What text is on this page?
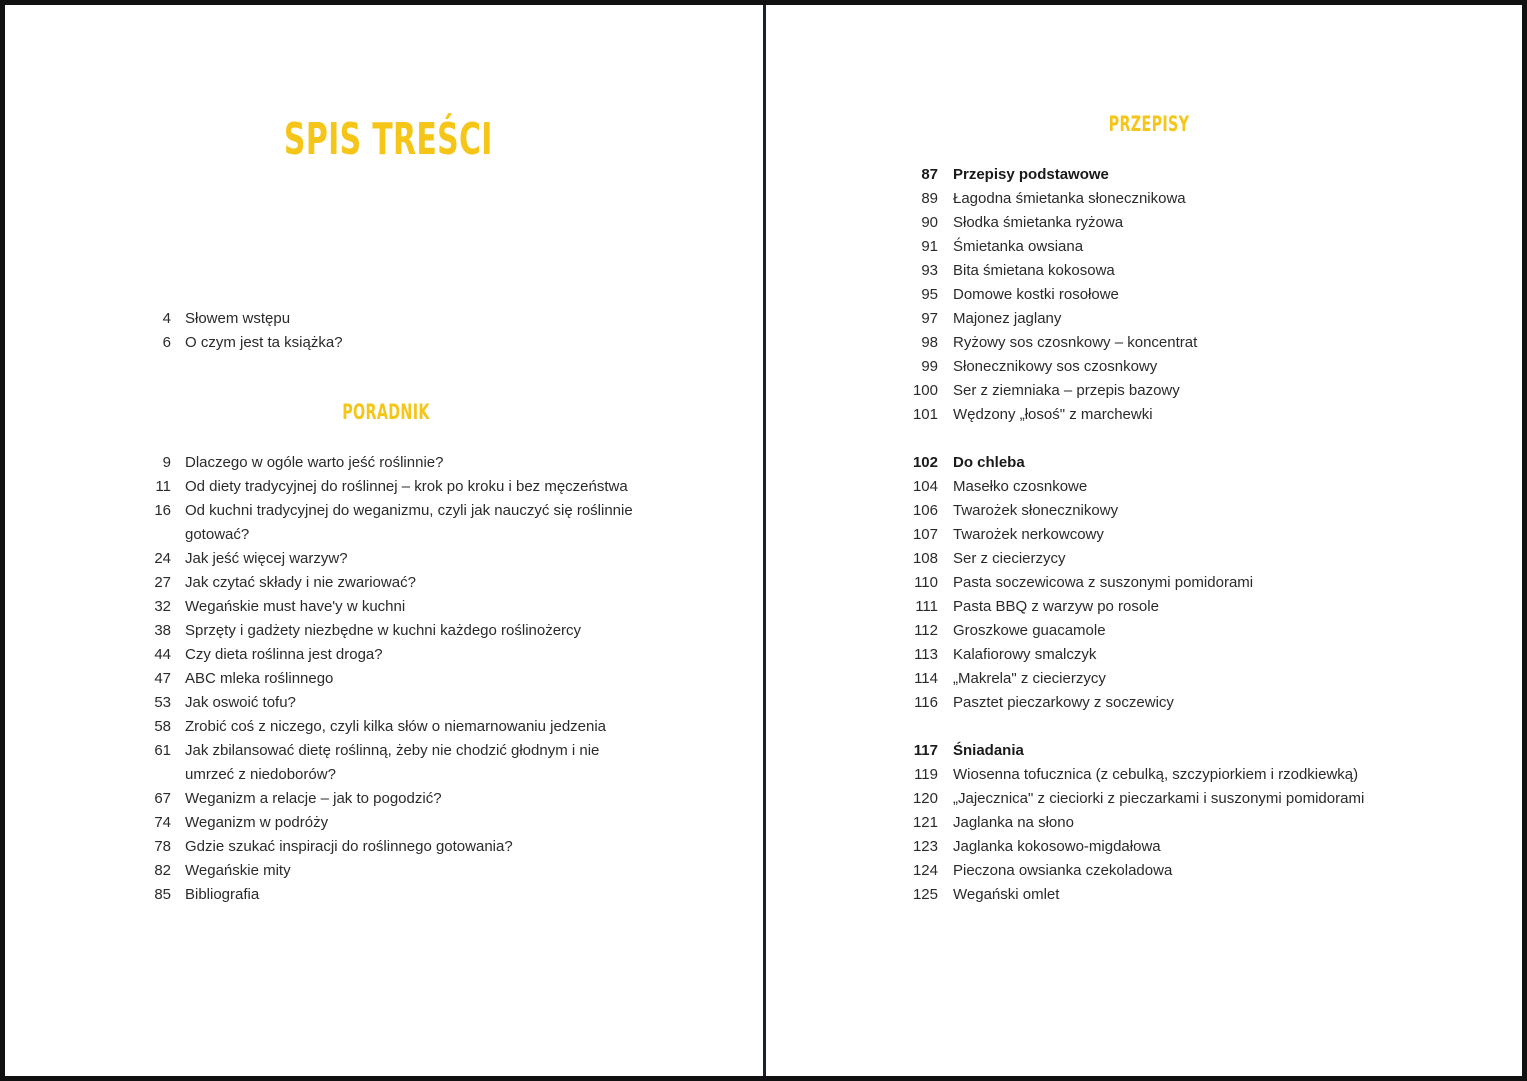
SPIS TREŚCI
4 Słowem wstępu
6 O czym jest ta książka?
PORADNIK
9 Dlaczego w ogóle warto jeść roślinnie?
11 Od diety tradycyjnej do roślinnej – krok po kroku i bez męczeństwa
16 Od kuchni tradycyjnej do weganizmu, czyli jak nauczyć się roślinnie gotować?
24 Jak jeść więcej warzyw?
27 Jak czytać składy i nie zwariować?
32 Wegańskie must have'y w kuchni
38 Sprzęty i gadżety niezbędne w kuchni każdego roślinożercy
44 Czy dieta roślinna jest droga?
47 ABC mleka roślinnego
53 Jak oswoić tofu?
58 Zrobić coś z niczego, czyli kilka słów o niemarnowaniu jedzenia
61 Jak zbilansować dietę roślinną, żeby nie chodzić głodnym i nie umrzeć z niedoborów?
67 Weganizm a relacje – jak to pogodzić?
74 Weganizm w podróży
78 Gdzie szukać inspiracji do roślinnego gotowania?
82 Wegańskie mity
85 Bibliografia
PRZEPISY
87 Przepisy podstawowe
89 Łagodna śmietanka słonecznikowa
90 Słodka śmietanka ryżowa
91 Śmietanka owsiana
93 Bita śmietana kokosowa
95 Domowe kostki rosołowe
97 Majonez jaglany
98 Ryżowy sos czosnkowy – koncentrat
99 Słonecznikowy sos czosnkowy
100 Ser z ziemniaka – przepis bazowy
101 Wędzony „łosoś" z marchewki
102 Do chleba
104 Masełko czosnkowe
106 Twarożek słonecznikowy
107 Twarożek nerkowcowy
108 Ser z ciecierzycy
110 Pasta soczewicowa z suszonymi pomidorami
111 Pasta BBQ z warzyw po rosole
112 Groszkowe guacamole
113 Kalafiorowy smalczyk
114 „Makrela" z ciecierzycy
116 Pasztet pieczarkowy z soczewicy
117 Śniadania
119 Wiosenna tofucznica (z cebulką, szczypiorkiem i rzodkiewką)
120 „Jajecznica" z cieciorki z pieczarkami i suszonymi pomidorami
121 Jaglanka na słono
123 Jaglanka kokosowo-migdałowa
124 Pieczona owsianka czekoladowa
125 Wegański omlet
